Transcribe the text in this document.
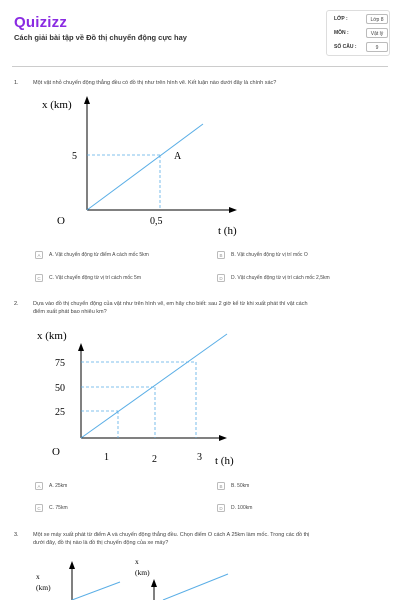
Quizizz
Cách giải bài tập về Đồ thị chuyển động cực hay
LỚP :	Lớp 8
MÔN :	Vật lý
SỐ CÂU :	9
1.	Một vật nhỏ chuyển động thẳng đều có đồ thị như trên hình vẽ. Kết luận nào dưới đây là chính xác?
x (km)
5	A
O	0,5
t (h)
A	A. Vật chuyển động từ điểm A cách mốc 5km	B	B. Vật chuyển động từ vị trí mốc O
C	C. Vật chuyển động từ vị trí cách mốc 5m	D	D. Vật chuyển động từ vị trí cách mốc 2,5km
2.	Dựa vào đồ thị chuyển động của vật như trên hình vẽ, em hãy cho biết: sau 2 giờ kể từ khi xuất phát thì vật cách
điểm xuất phát bao nhiêu km?
x (km)
75
50
25
O	1	2	3 t (h)
A	A. 25km	B	B. 50km
C	C. 75km	D	D. 100km
3.	Một xe máy xuất phát từ điểm A và chuyển động thẳng đều. Chọn điểm O cách A 25km làm mốc. Trong các đồ thị
dưới đây, đồ thị nào là đồ thị chuyển động của xe máy?
x
(km)
x
(km)
